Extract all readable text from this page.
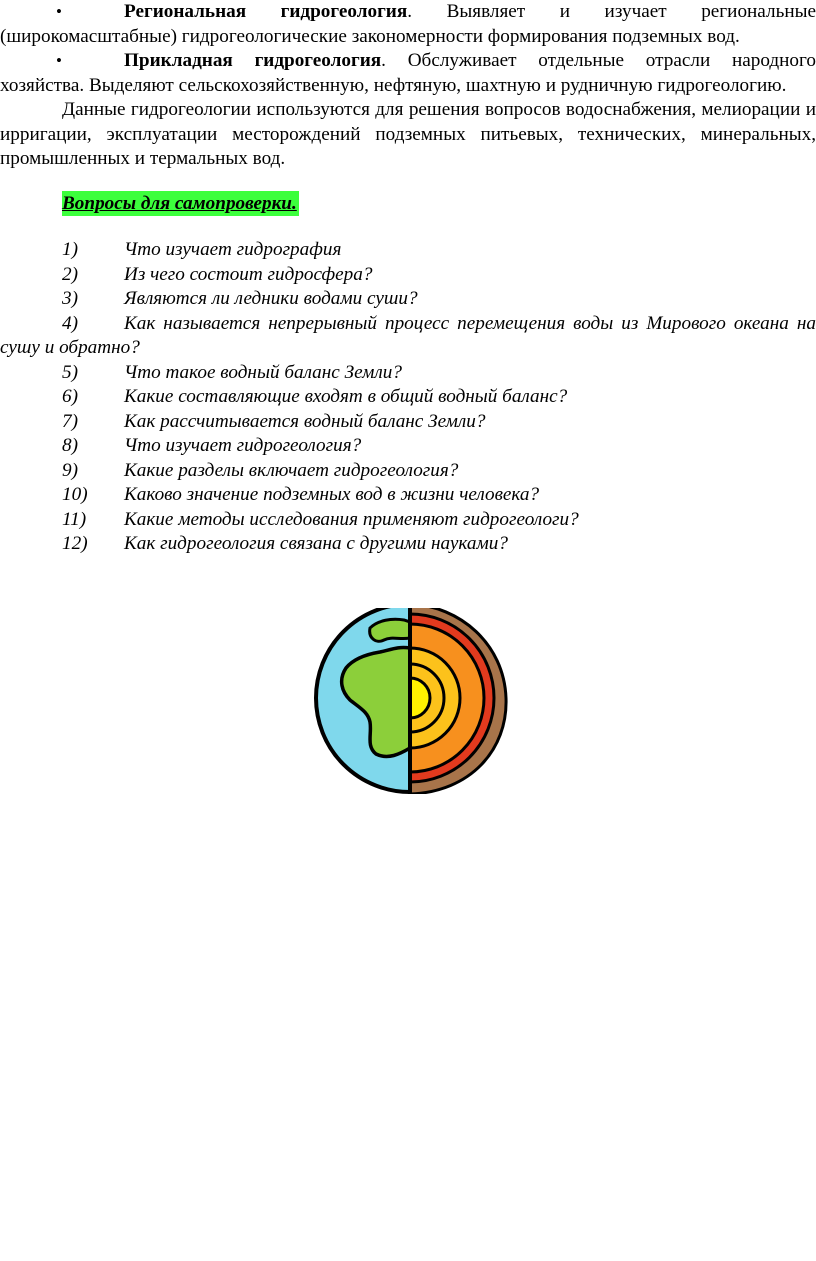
•	Региональная гидрогеология. Выявляет и изучает региональные (широкомасштабные) гидрогеологические закономерности формирования подземных вод.

•	Прикладная гидрогеология. Обслуживает отдельные отрасли народного хозяйства. Выделяют сельскохозяйственную, нефтяную, шахтную и рудничную гидрогеологию.

Данные гидрогеологии используются для решения вопросов водоснабжения, мелиорации и ирригации, эксплуатации месторождений подземных питьевых, технических, минеральных, промышленных и термальных вод.

Вопросы для самопроверки.
1) Что изучает гидрография
2) Из чего состоит гидросфера?
3) Являются ли ледники водами суши?
4) Как называется непрерывный процесс перемещения воды из Мирового океана на сушу и обратно?
5) Что такое водный баланс Земли?
6) Какие составляющие входят в общий водный баланс?
7) Как рассчитывается водный баланс Земли?
8) Что изучает гидрогеология?
9) Какие разделы включает гидрогеология?
10) Каково значение подземных вод в жизни человека?
11) Какие методы исследования применяют гидрогеологи?
12) Как гидрогеология связана с другими науками?
